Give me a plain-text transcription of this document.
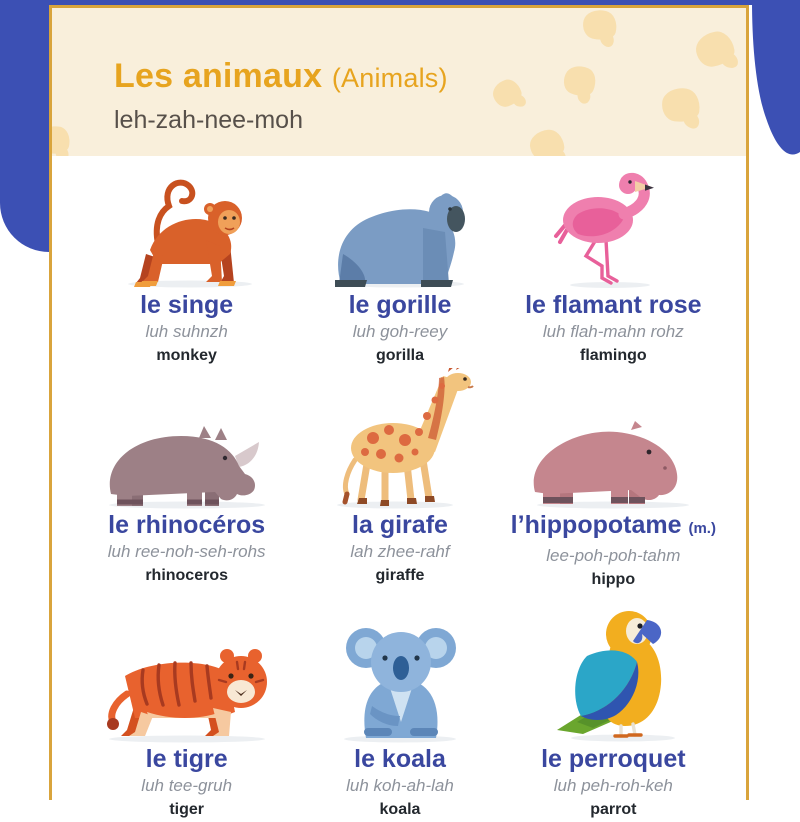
Les animaux (Animals)
leh-zah-nee-moh
le singe
luh suhnzh
monkey
le gorille
luh goh-reey
gorilla
le flamant rose
luh flah-mahn rohz
flamingo
le rhinocéros
luh ree-noh-seh-rohs
rhinoceros
la girafe
lah zhee-rahf
giraffe
l’hippopotame (m.)
lee-poh-poh-tahm
hippo
le tigre
luh tee-gruh
tiger
le koala
luh koh-ah-lah
koala
le perroquet
luh peh-roh-keh
parrot
